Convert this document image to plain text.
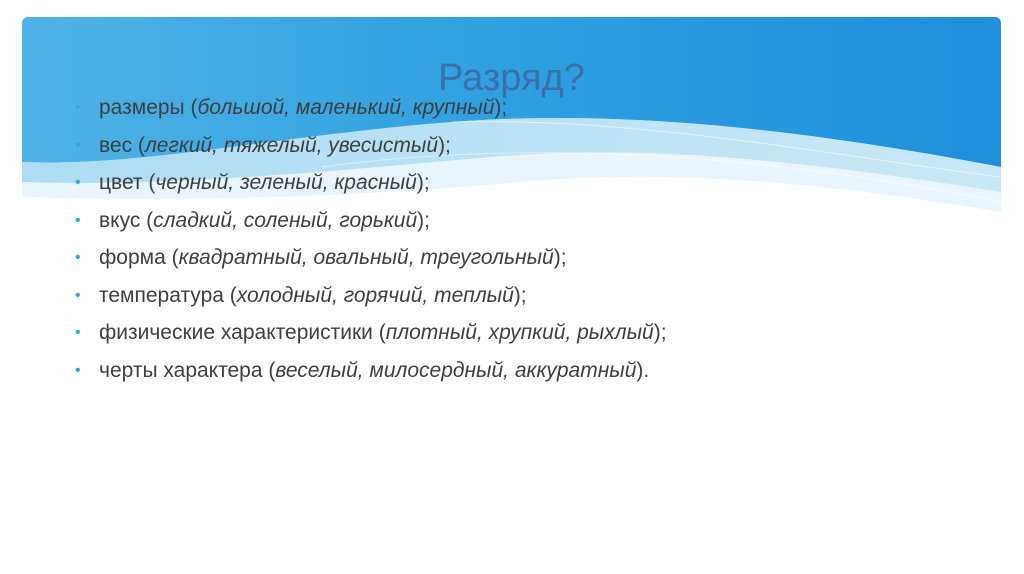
Разряд?
• размеры (большой, маленький, крупный);
• вес (легкий, тяжелый, увесистый);
• цвет (черный, зеленый, красный);
• вкус (сладкий, соленый, горький);
• форма (квадратный, овальный, треугольный);
• температура (холодный, горячий, теплый);
• физические характеристики (плотный, хрупкий, рыхлый);
• черты характера (веселый, милосердный, аккуратный).
